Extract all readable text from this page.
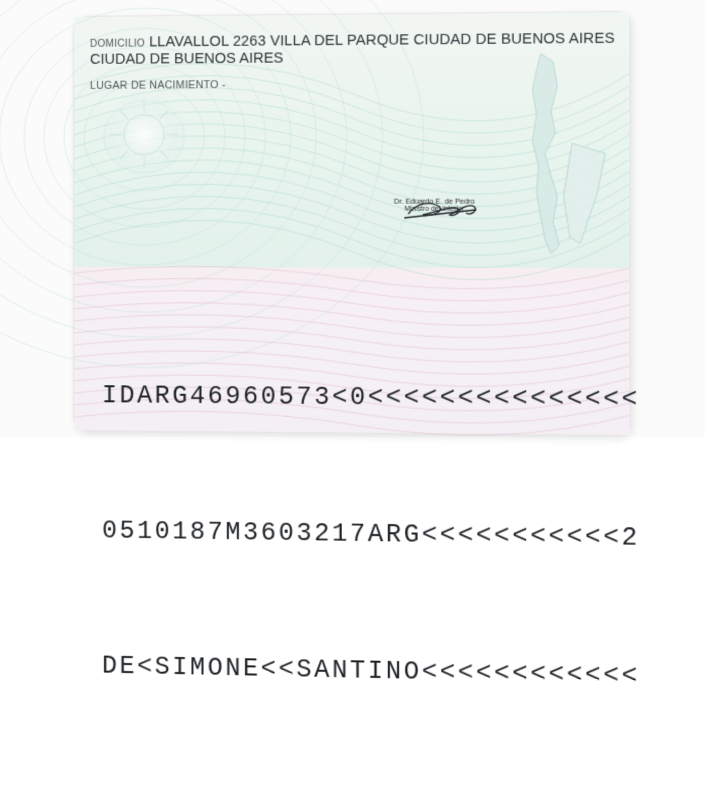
DOMICILIO LLAVALLOL 2263 VILLA DEL PARQUE CIUDAD DE BUENOS AIRES
CIUDAD DE BUENOS AIRES
LUGAR DE NACIMIENTO -
Dr. Eduardo E. de Pedro
Ministro del Interior

IDARG46960573<0<<<<<<<<<<<<<<<

0510187M3603217ARG<<<<<<<<<<<2

DE<SIMONE<<SANTINO<<<<<<<<<<<<
